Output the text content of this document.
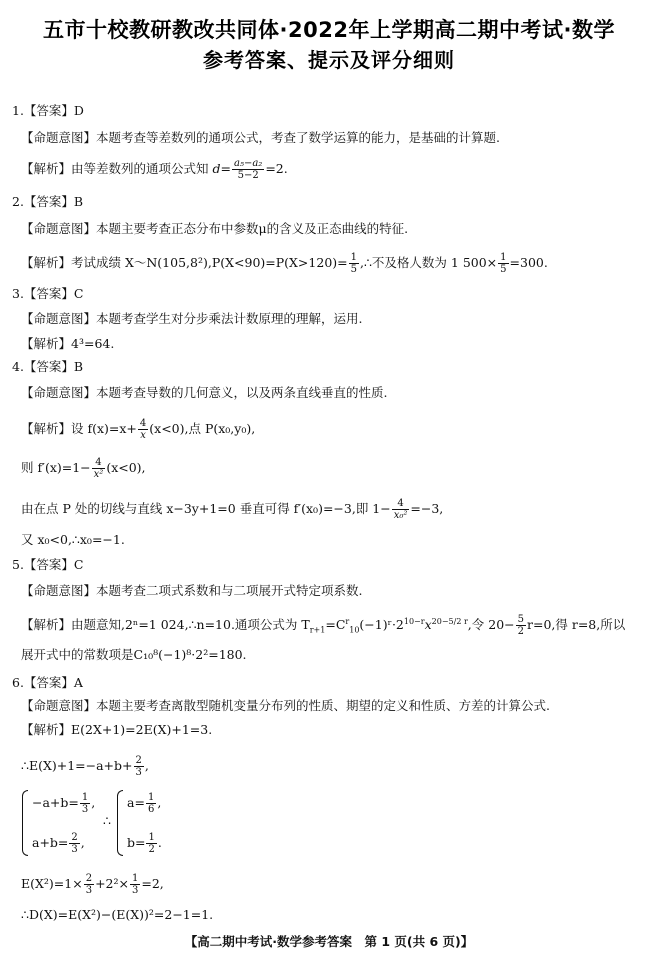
五市十校教研教改共同体·2022年上学期高二期中考试·数学
参考答案、提示及评分细则
1.【答案】D
【命题意图】本题考查等差数列的通项公式，考查了数学运算的能力，是基础的计算题.
【解析】由等差数列的通项公式知 $d= \frac{\text{a₅−a₂}}{5-2} =2$.
2.【答案】B
【命题意图】本题主要考查正态分布中参数μ的含义及正态曲线的特征.
【解析】考试成绩 X～N(105,8²),P(X<90)=P(X>120)= $\frac{1}{5}$ ,∴不及格人数为 1 $500\times \frac{1}{5} =300$.
3.【答案】C
【命题意图】本题考查学生对分步乘法计数原理的理解，运用.
【解析】4³=64.
4.【答案】B
【命题意图】本题考查导数的几何意义，以及两条直线垂直的性质.
【解析】设 $f(x)=x+ \frac{4}{x} (x<0)$,点 P(x₀,y₀),
则 $f'(x)=1- \frac{4}{\text{x²}} (x<0)$,
由在点 P 处的切线与直线 x−3y+1=0 垂直可得 f′(x₀)=−3,即 $1- \frac{4}{\text{x₀²}} =-3$,
又 x₀<0,∴x₀=−1.
5.【答案】C
【命题意图】本题考查二项式系数和与二项展开式特定项系数.
【解析】由题意知,2ⁿ=1 024,∴n=10.通项公式为 $T_{r+1}=C^r_{10}(-1)ʳ\cdot 2^{10-r}x^{20-5/2 r}$,令 $20- \frac{5}{2} r=0$,得 r=8,所以
展开式中的常数项是C₁₀⁸(−1)⁸·2²=180.
6.【答案】A
【命题意图】本题主要考查离散型随机变量分布列的性质、期望的定义和性质、方差的计算公式.
【解析】E(2X+1)=2E(X)+1=3.
∴E(X)+1=−a+b+ $\frac{2}{3}$ ,
$-a+b= \frac{1}{3}$ ,
$a+b= \frac{2}{3}$ ,
∴
$a= \frac{1}{6}$ ,
$b= \frac{1}{2}$ .
$E(X^2)=1\times \frac{2}{3} +2^2\times \frac{1}{3} =2$,
∴D(X)=E(X²)−(E(X))²=2−1=1.
【高二期中考试·数学参考答案　第 1 页(共 6 页)】
